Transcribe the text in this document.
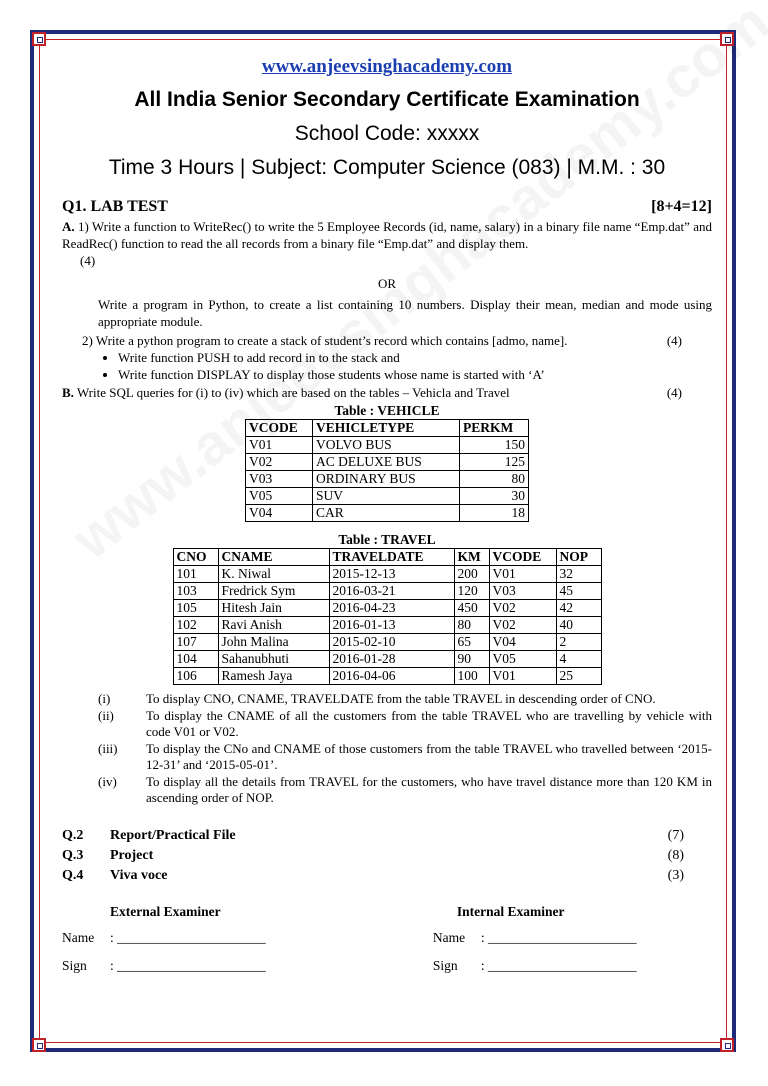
www.anjeevsinghacademy.com
All India Senior Secondary Certificate Examination
School Code: xxxxx
Time 3 Hours | Subject: Computer Science (083) | M.M. : 30
Q1. LAB TEST	[8+4=12]
A. 1) Write a function to WriteRec() to write the 5 Employee Records (id, name, salary) in a binary file name “Emp.dat” and ReadRec() function to read the all records from a binary file “Emp.dat” and display them.
(4)
OR
Write a program in Python, to create a list containing 10 numbers. Display their mean, median and mode using appropriate module.
2) Write a python program to create a stack of student’s record which contains [admo, name].	(4)
• Write function PUSH to add record in to the stack and
• Write function DISPLAY to display those students whose name is started with ‘A’
B. Write SQL queries for (i) to (iv) which are based on the tables – Vehicla and Travel	(4)
Table : VEHICLE
VCODE	VEHICLETYPE	PERKM
V01	VOLVO BUS	150
V02	AC DELUXE BUS	125
V03	ORDINARY BUS	80
V05	SUV	30
V04	CAR	18
Table : TRAVEL
CNO	CNAME	TRAVELDATE	KM	VCODE	NOP
101	K. Niwal	2015-12-13	200	V01	32
103	Fredrick Sym	2016-03-21	120	V03	45
105	Hitesh Jain	2016-04-23	450	V02	42
102	Ravi Anish	2016-01-13	80	V02	40
107	John Malina	2015-02-10	65	V04	2
104	Sahanubhuti	2016-01-28	90	V05	4
106	Ramesh Jaya	2016-04-06	100	V01	25
(i)	To display CNO, CNAME, TRAVELDATE from the table TRAVEL in descending order of CNO.
(ii)	To display the CNAME of all the customers from the table TRAVEL who are travelling by vehicle with code V01 or V02.
(iii)	To display the CNo and CNAME of those customers from the table TRAVEL who travelled between ‘2015-12-31’ and ‘2015-05-01’.
(iv)	To display all the details from TRAVEL for the customers, who have travel distance more than 120 KM in ascending order of NOP.
Q.2	Report/Practical File	(7)
Q.3	Project	(8)
Q.4	Viva voce	(3)
External Examiner
Name : ______________________
Sign : ______________________
Internal Examiner
Name : ______________________
Sign : ______________________
